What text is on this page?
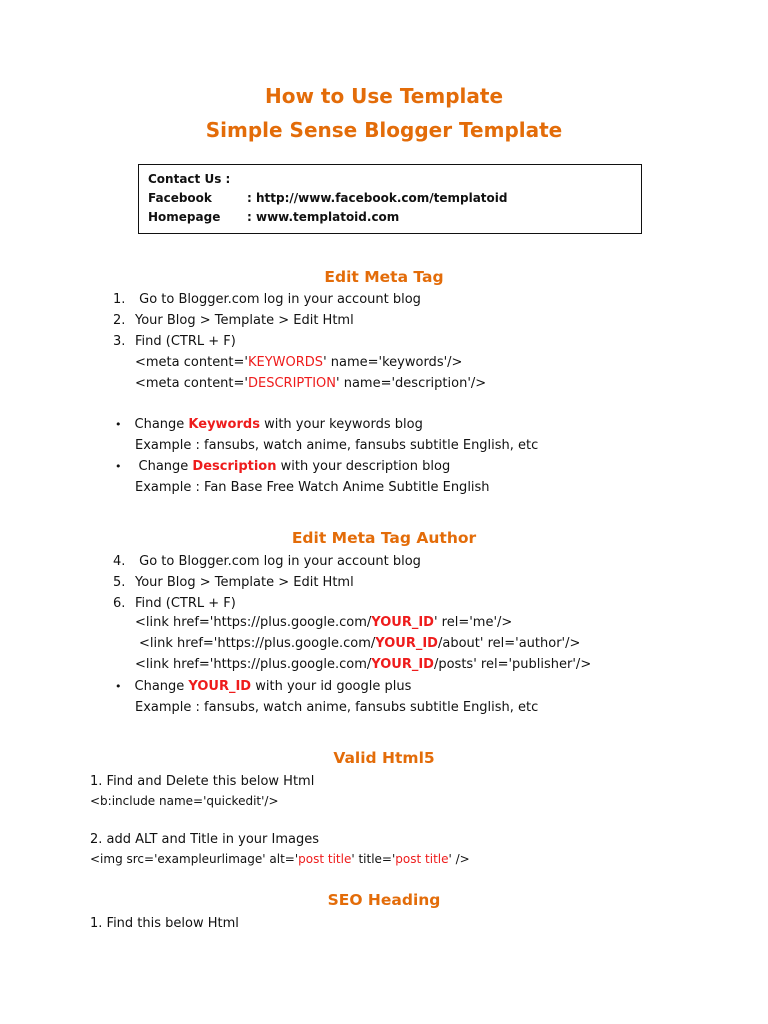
How to Use Template
Simple Sense Blogger Template
Contact Us :
Facebook	: http://www.facebook.com/templatoid
Homepage : www.templatoid.com
Edit Meta Tag
1. Go to Blogger.com log in your account blog
2. Your Blog > Template > Edit Html
3. Find (CTRL + F)
<meta content='KEYWORDS' name='keywords'/>
<meta content='DESCRIPTION' name='description'/>
• Change Keywords with your keywords blog
Example : fansubs, watch anime, fansubs subtitle English, etc
• Change Description with your description blog
Example : Fan Base Free Watch Anime Subtitle English
Edit Meta Tag Author
4. Go to Blogger.com log in your account blog
5. Your Blog > Template > Edit Html
6. Find (CTRL + F)
<link href='https://plus.google.com/YOUR_ID' rel='me'/>
<link href='https://plus.google.com/YOUR_ID/about' rel='author'/>
<link href='https://plus.google.com/YOUR_ID/posts' rel='publisher'/>
• Change YOUR_ID with your id google plus
Example : fansubs, watch anime, fansubs subtitle English, etc
Valid Html5
1. Find and Delete this below Html
<b:include name='quickedit'/>
2. add ALT and Title in your Images
<img src='exampleurlimage' alt='post title' title='post title' />
SEO Heading
1. Find this below Html
